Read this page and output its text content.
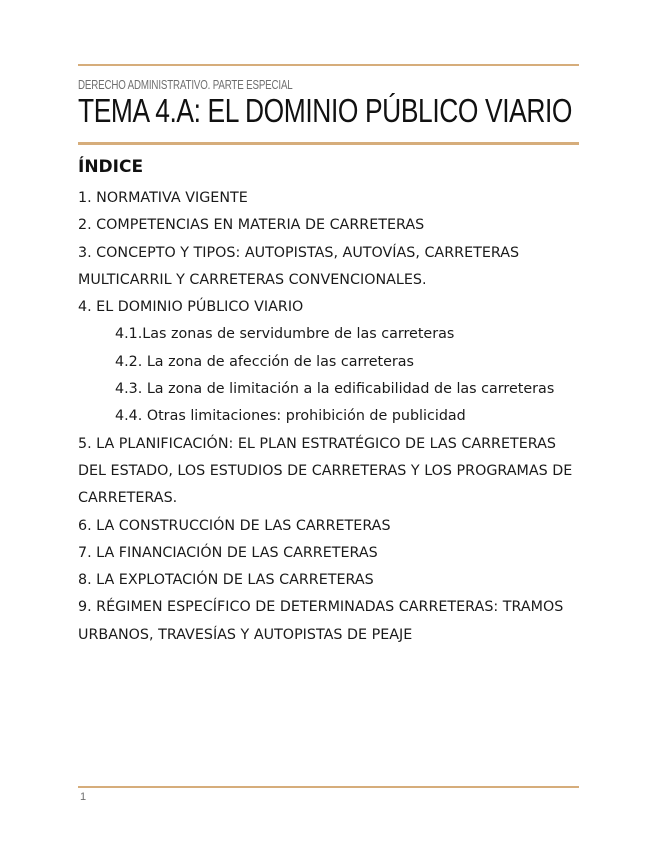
DERECHO ADMINISTRATIVO. PARTE ESPECIAL
TEMA 4.A: EL DOMINIO PÚBLICO VIARIO
ÍNDICE
1. NORMATIVA VIGENTE
2. COMPETENCIAS EN MATERIA DE CARRETERAS
3. CONCEPTO Y TIPOS: AUTOPISTAS, AUTOVÍAS, CARRETERAS MULTICARRIL Y CARRETERAS CONVENCIONALES.
4. EL DOMINIO PÚBLICO VIARIO
4.1.Las zonas de servidumbre de las carreteras
4.2. La zona de afección de las carreteras
4.3. La zona de limitación a la edificabilidad de las carreteras
4.4. Otras limitaciones: prohibición de publicidad
5. LA PLANIFICACIÓN: EL PLAN ESTRATÉGICO DE LAS CARRETERAS DEL ESTADO, LOS ESTUDIOS DE CARRETERAS Y LOS PROGRAMAS DE CARRETERAS.
6. LA CONSTRUCCIÓN DE LAS CARRETERAS
7. LA FINANCIACIÓN DE LAS CARRETERAS
8. LA EXPLOTACIÓN DE LAS CARRETERAS
9. RÉGIMEN ESPECÍFICO DE DETERMINADAS CARRETERAS: TRAMOS URBANOS, TRAVESÍAS Y AUTOPISTAS DE PEAJE
1
